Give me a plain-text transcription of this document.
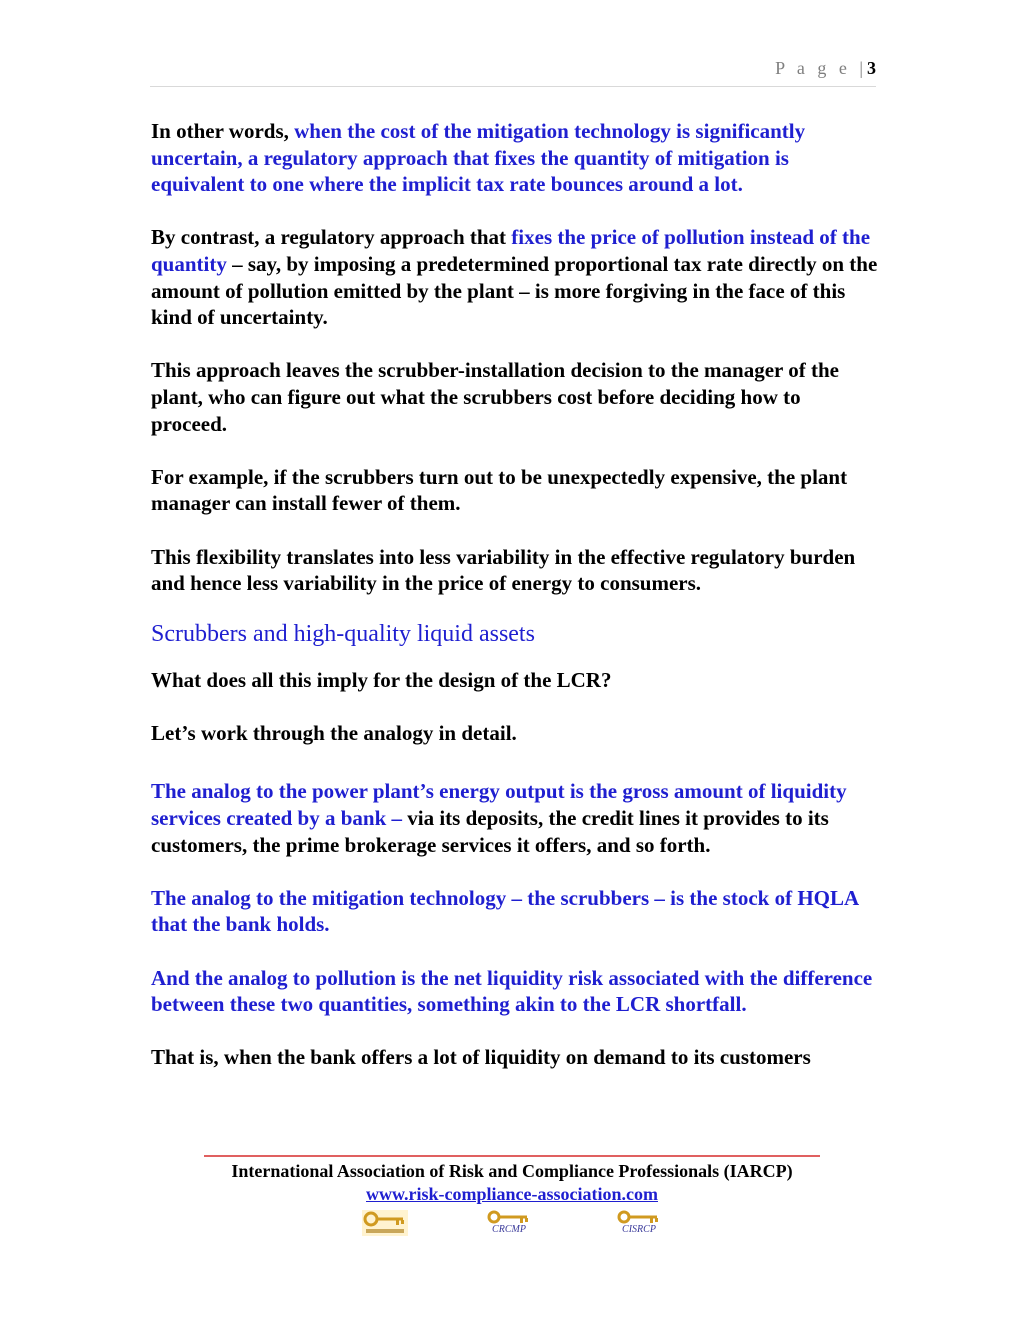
P a g e |3

In other words, when the cost of the mitigation technology is significantly uncertain, a regulatory approach that fixes the quantity of mitigation is equivalent to one where the implicit tax rate bounces around a lot.

By contrast, a regulatory approach that fixes the price of pollution instead of the quantity – say, by imposing a predetermined proportional tax rate directly on the amount of pollution emitted by the plant – is more forgiving in the face of this kind of uncertainty.

This approach leaves the scrubber-installation decision to the manager of the plant, who can figure out what the scrubbers cost before deciding how to proceed.

For example, if the scrubbers turn out to be unexpectedly expensive, the plant manager can install fewer of them.

This flexibility translates into less variability in the effective regulatory burden and hence less variability in the price of energy to consumers.

Scrubbers and high-quality liquid assets

What does all this imply for the design of the LCR?

Let’s work through the analogy in detail.

The analog to the power plant’s energy output is the gross amount of liquidity services created by a bank – via its deposits, the credit lines it provides to its customers, the prime brokerage services it offers, and so forth.

The analog to the mitigation technology – the scrubbers – is the stock of HQLA that the bank holds.

And the analog to pollution is the net liquidity risk associated with the difference between these two quantities, something akin to the LCR shortfall.

That is, when the bank offers a lot of liquidity on demand to its customers

International Association of Risk and Compliance Professionals (IARCP)
www.risk-compliance-association.com
CRCMP	CISRCP
